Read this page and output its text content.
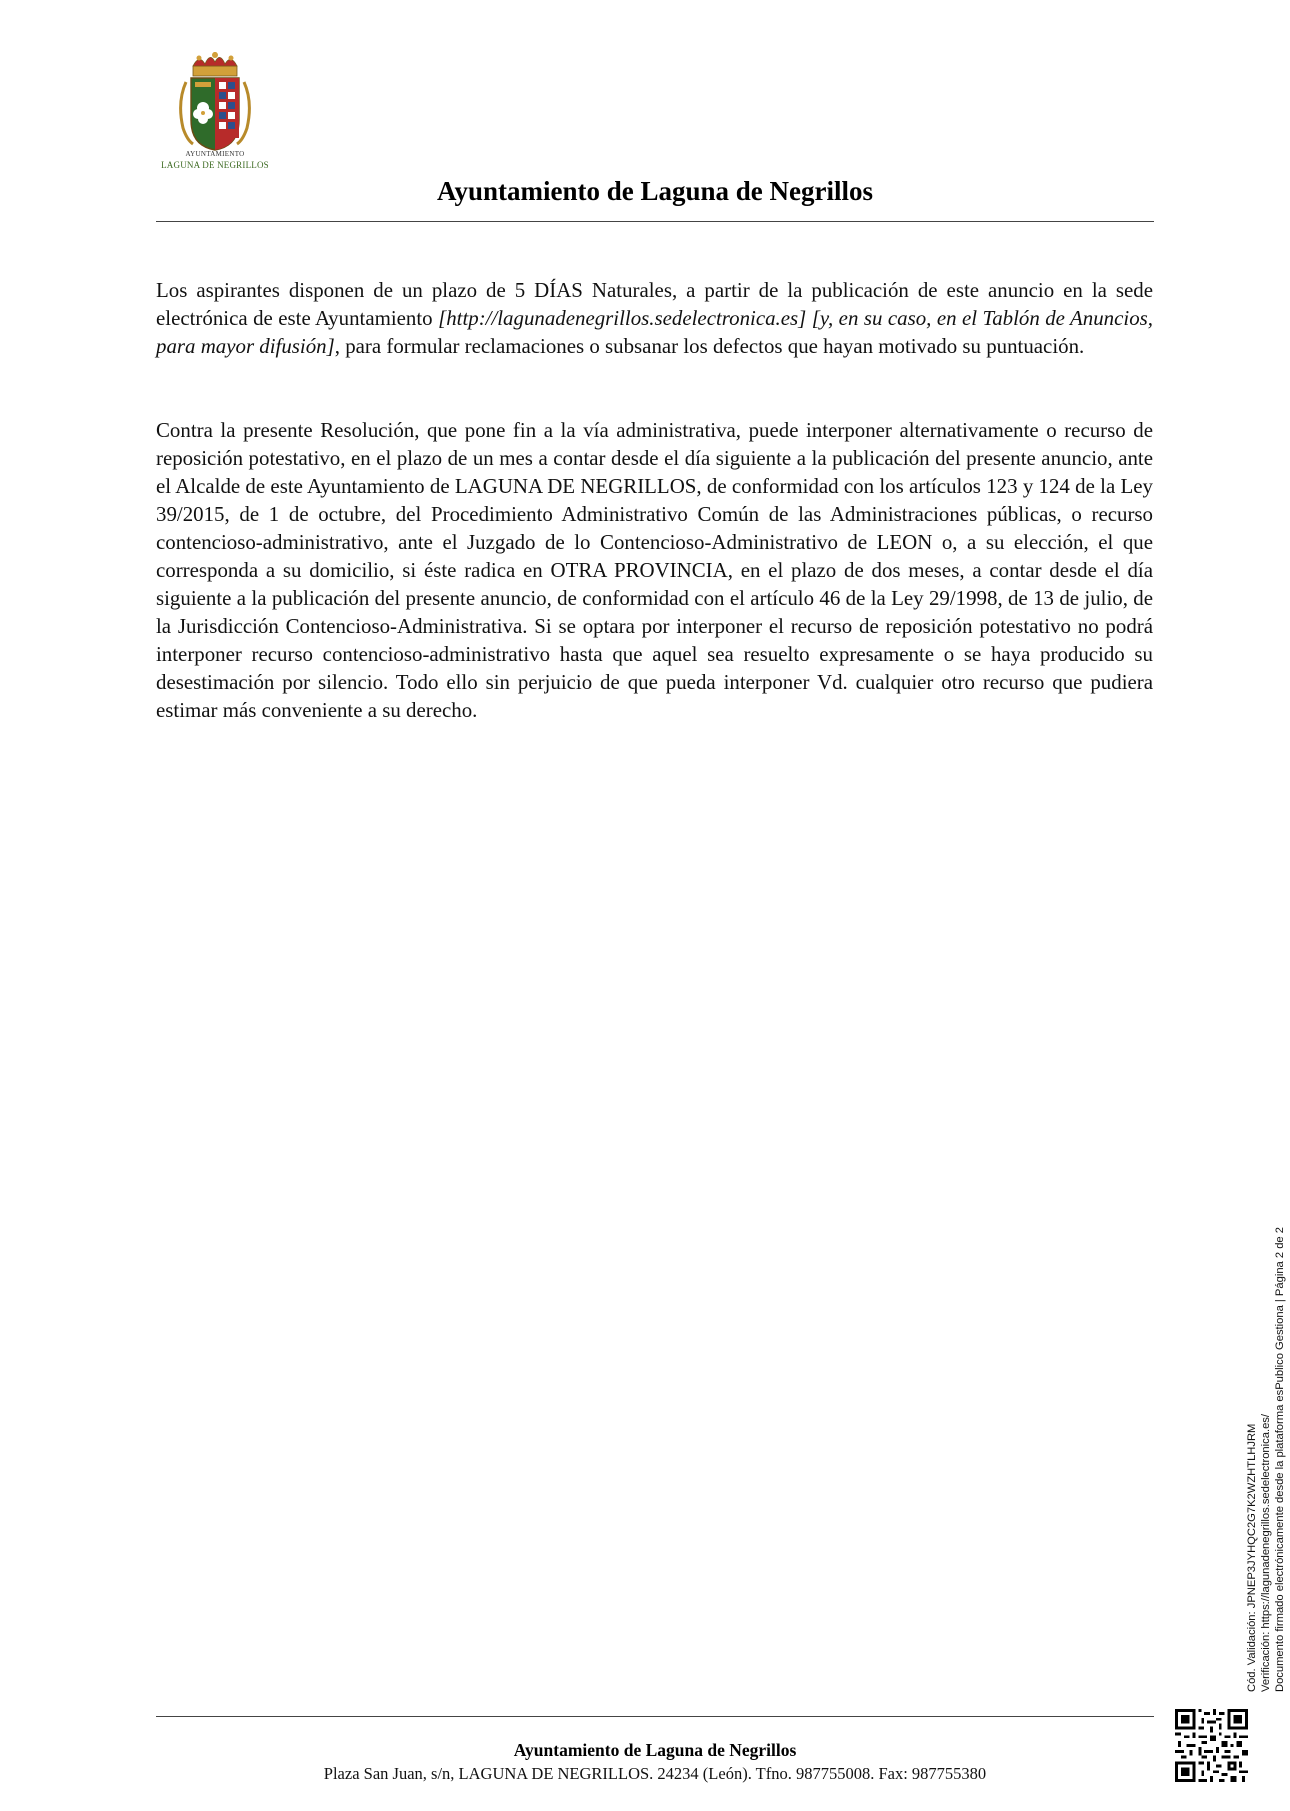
AYUNTAMIENTO
LAGUNA DE NEGRILLOS
Ayuntamiento de Laguna de Negrillos

Los aspirantes disponen de un plazo de 5 DÍAS Naturales, a partir de la publicación de este anuncio en la sede electrónica de este Ayuntamiento [http://lagunadenegrillos.sedelectronica.es] [y, en su caso, en el Tablón de Anuncios, para mayor difusión], para formular reclamaciones o subsanar los defectos que hayan motivado su puntuación.

Contra la presente Resolución, que pone fin a la vía administrativa, puede interponer alternativamente o recurso de reposición potestativo, en el plazo de un mes a contar desde el día siguiente a la publicación del presente anuncio, ante el Alcalde de este Ayuntamiento de LAGUNA DE NEGRILLOS, de conformidad con los artículos 123 y 124 de la Ley 39/2015, de 1 de octubre, del Procedimiento Administrativo Común de las Administraciones públicas, o recurso contencioso-administrativo, ante el Juzgado de lo Contencioso-Administrativo de LEON o, a su elección, el que corresponda a su domicilio, si éste radica en OTRA PROVINCIA, en el plazo de dos meses, a contar desde el día siguiente a la publicación del presente anuncio, de conformidad con el artículo 46 de la Ley 29/1998, de 13 de julio, de la Jurisdicción Contencioso-Administrativa. Si se optara por interponer el recurso de reposición potestativo no podrá interponer recurso contencioso-administrativo hasta que aquel sea resuelto expresamente o se haya producido su desestimación por silencio. Todo ello sin perjuicio de que pueda interponer Vd. cualquier otro recurso que pudiera estimar más conveniente a su derecho.

Ayuntamiento de Laguna de Negrillos
Plaza San Juan, s/n, LAGUNA DE NEGRILLOS. 24234 (León). Tfno. 987755008. Fax: 987755380
Cód. Validación: JPNEP3JYHQC2G7K2WZHTLHJRM Verificación: https://lagunadenegrillos.sedelectronica.es/ Documento firmado electrónicamente desde la plataforma esPublico Gestiona | Página 2 de 2
